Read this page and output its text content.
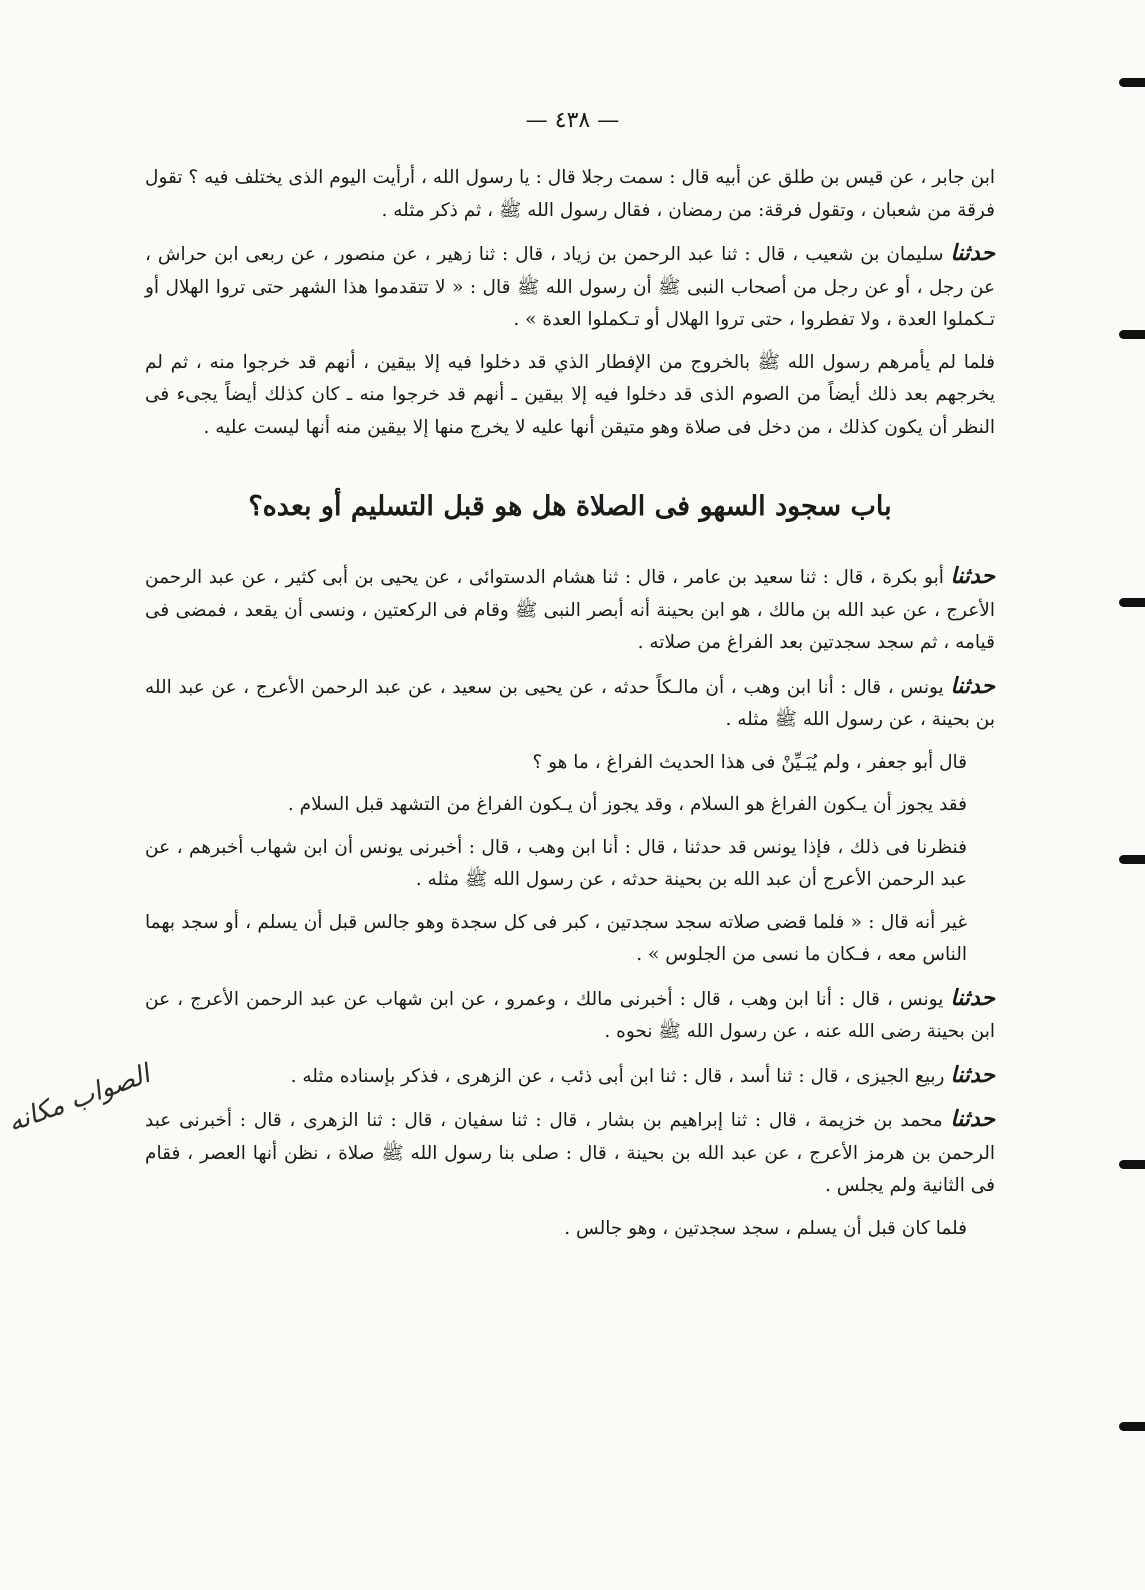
— ٤٣٨ —

ابن جابر ، عن قيس بن طلق عن أبيه قال : سمت رجلا قال : يا رسول الله ، أرأيت اليوم الذى يختلف فيه ؟ تقول فرقة من شعبان ، وتقول فرقة: من رمضان ، فقال رسول الله ﷺ ، ثم ذكر مثله .

حدثنا سليمان بن شعيب ، قال : ثنا عبد الرحمن بن زياد ، قال : ثنا زهير ، عن منصور ، عن ربعى ابن حراش ، عن رجل ، أو عن رجل من أصحاب النبى ﷺ أن رسول الله ﷺ قال : « لا تتقدموا هذا الشهر حتى تروا الهلال أو تـكملوا العدة ، ولا تفطروا ، حتى تروا الهلال أو تـكملوا العدة » .

فلما لم يأمرهم رسول الله ﷺ بالخروج من الإفطار الذي قد دخلوا فيه إلا بيقين ، أنهم قد خرجوا منه ، ثم لم يخرجهم بعد ذلك أيضاً من الصوم الذى قد دخلوا فيه إلا بيقين ـ أنهم قد خرجوا منه ـ كان كذلك أيضاً يجىء فى النظر أن يكون كذلك ، من دخل فى صلاة وهو متيقن أنها عليه لا يخرج منها إلا بيقين منه أنها ليست عليه .

باب سجود السهو فى الصلاة هل هو قبل التسليم أو بعده؟

حدثنا أبو بكرة ، قال : ثنا سعيد بن عامر ، قال : ثنا هشام الدستوائى ، عن يحيى بن أبى كثير ، عن عبد الرحمن الأعرج ، عن عبد الله بن مالك ، هو ابن بحينة أنه أبصر النبى ﷺ وقام فى الركعتين ، ونسى أن يقعد ، فمضى فى قيامه ، ثم سجد سجدتين بعد الفراغ من صلاته .

حدثنا يونس ، قال : أنا ابن وهب ، أن مالـكاً حدثه ، عن يحيى بن سعيد ، عن عبد الرحمن الأعرج ، عن عبد الله بن بحينة ، عن رسول الله ﷺ مثله .

قال أبو جعفر ، ولم يُبَـيِّنْ فى هذا الحديث الفراغ ، ما هو ؟

فقد يجوز أن يـكون الفراغ هو السلام ، وقد يجوز أن يـكون الفراغ من التشهد قبل السلام .

فنظرنا فى ذلك ، فإذا يونس قد حدثنا ، قال : أنا ابن وهب ، قال : أخبرنى يونس أن ابن شهاب أخبرهم ، عن عبد الرحمن الأعرج أن عبد الله بن بحينة حدثه ، عن رسول الله ﷺ مثله .

غير أنه قال : « فلما قضى صلاته سجد سجدتين ، كبر فى كل سجدة وهو جالس قبل أن يسلم ، أو سجد بهما الناس معه ، فـكان ما نسى من الجلوس » .

حدثنا يونس ، قال : أنا ابن وهب ، قال : أخبرنى مالك ، وعمرو ، عن ابن شهاب عن عبد الرحمن الأعرج ، عن ابن بحينة رضى الله عنه ، عن رسول الله ﷺ نحوه .

حدثنا ربيع الجيزى ، قال : ثنا أسد ، قال : ثنا ابن أبى ذئب ، عن الزهرى ، فذكر بإسناده مثله .

حدثنا محمد بن خزيمة ، قال : ثنا إبراهيم بن بشار ، قال : ثنا سفيان ، قال : ثنا الزهرى ، قال : أخبرنى عبد الرحمن بن هرمز الأعرج ، عن عبد الله بن بحينة ، قال : صلى بنا رسول الله ﷺ صلاة ، نظن أنها العصر ، فقام فى الثانية ولم يجلس .

فلما كان قبل أن يسلم ، سجد سجدتين ، وهو جالس .

الصواب مكانه
